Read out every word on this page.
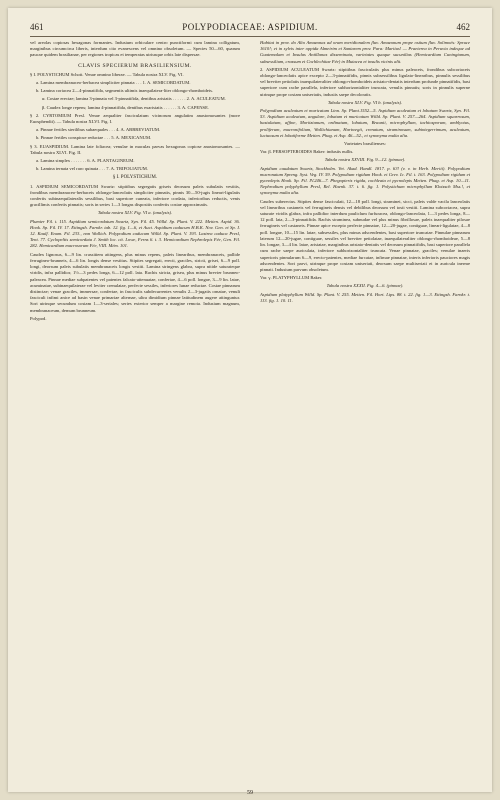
461	POLYPODIACEAE: ASPIDIUM.	462

vel areolas copiosas hexagonas formantes. Indusium orbiculare centro punctiformi cum lamina colligatum, marginibus circumcirca liberis, interdum cito evanescens vel omnino obsoletum. — Species 50—60, quarum paucae quidem brasilianae, per regiones tropicas et temperatas utriusque orbis late dispersae.

CLAVIS SPECIERUM BRASILIENSIUM.

§ I. POLYSTICHUM Schott. Venae omnino liberae. — Tabula nostra XLV. Fig. VI.

a. Lamina membranaceo-herbacea simpliciter pinnata . . . 1. A. SEMICORDATUM.

b. Lamina coriacea 2—4-pinnatifida, segmentis ultimis inaequilatera-liter oblongo-rhomboideis.

α. Costae erectae; lamina 3-pinnata vel 3-pinnatifida, dentibus aristatis . . . . . . 2. A. ACULEATUM.

β. Caudex longe repens; lamina 4-pinnatifida, dentibus exaristatis . . . . . . 3. A. CAPENSE.

§ 2. CYRTOMIUM Presl. Venae aequaliter fasciculatum vicinorum angulatim anastomosantes (more Euosphendii). — Tabula nostra XLVI. Fig. I.

a. Pinnae fertiles sterilibus subaequales . . . 4. A. ABBREVIATUM.

b. Pinnae fertiles conspicue reductae . . . 5. A. MEXICANUM.

§ 3. EUASPIDIUM. Lamina late foliacea; venulae in maculas parvas hexagonas copiose anastomosantes. — Tabula nostra XLVI. Fig. II.

a. Lamina simplex . . . . . . . 6. A. PLANTAGINEUM.

b. Lamina ternata vel raro quinata . . . 7. A. TRIFOLIATUM.

§ I. POLYSTICHUM.

1. ASPIDIUM SEMICORDATUM Swartz: stipitibus segregatis griseis deorsum paleis subulatis vestitis, frondibus membranaceo-herbaceis oblongo-lanceolatis simpliciter pinnatis, pinnis 30—50-jugis lineari-ligulatis confertis subinaequilateralis sessilibus, basi superiore cuneata, inferiore cordata, inferioribus reductis, venis gracillimis confertis pinnatis; soris in series 1—3 longas dispositis confertis costae approximatis.

Tabula nostra XLV. Fig. VI a. (analysis).

Plumier Fil. t. 115. Aspidium semicordatum Swartz, Syn. Fil. 45. Willd. Sp. Plant. V. 222. Metten. Aspid. 36. Hook. Sp. Fil. IV. 17. Ettingsh. Farnkr. tab. 12. fig. 1—6, et Auct. Aspidium caducum H.B.K. Nov. Gen. et Sp. I. 12. Kaulf. Enum. Fil. 233., non Wallich. Polypodium caducum Willd. Sp. Plant. V. 193. Lastrea caduca Presl, Tent. 77. Cyclopeltis semicordata J. Smith loc. cit. Lowe, Ferns 6. t. 3. Hemicardium Nephrolepis Fée, Gen. Fil. 282. Hemicardium macrosorum Fée, VIII. Mém. 101.

Caudex lignosus, 6—9 lin. crassitiem attingens, plus minus repens, paleis linearibus, membranaceis, pallide ferrugineo-brunneis, 4—6 lin. longis dense vestitus. Stipites segregati, erecti, graciles, stricti, grisei, 6—9 poll. longi, deorsum paleis subulatis membranaceis longis vestiti. Lamina stringens glabra, supra nitide saturateque viridis, infra pallidior, 1½—3 pedes longa, 6—12 poll. lata. Rachis stricta, grisea, plus minus brevier brunneo-paleacea. Pinnae mediae subpatentes vel patentes falcato-attenuatae, confertae, 4—6 poll. longae, 3—9 lin. latae, acuminatae, subinaequilaterae vel leviter crenulatae, perfecte sessiles, inferiores lunae reductae. Costae pinnarum distinctae; venae graciles, immersae, confertae, in fasciculis subdecurrentes venulis 2—3-jugatis ornatae, venuli fasciculi infimi anice ad basin venae primariae alternae, ultra dimidium pinnae latitudinem augere attinguntur. Sori utrinque secundum costam 1—3-seriales; series exterior semper a margine remota. Indusium magnum, membranaceum, demum brunneum.

Polypod.

Habitat in prov. do Alto Amazonas ad oram meridionalem fluv. Amazonum prope ostium fluv. Solimoës: Spruce 1610!; et in sylvis inter oppida Almeirim et Santarem prov. Para: Martius! — Praeterea in Peruvia indeque ad Guatemalam et Insulas Antillanas disseminata, varietates quaque sucunilias (Hemicardium Cuningianum, subsessilium, crassum et Cochlechitae Fée) in Mutacea et insulis vicinis alit.

2. ASPIDIUM ACULEATUM Swartz: stipitibus fasciculatis plus minus paleaceis, frondibus subcoriaceis oblongo-lanceolatis apice excepto 2—3-pinnatifidis, pinnis subsessilibus ligulato-linearibus, pinnulis sessilibus vel breviter petiolatis inaequilateraliter oblongo-rhomboideis aristato-dentatis interdum profunde pinnatifidis, basi superiore cum rache parallela, inferiore subhorizontaliter truncata, venulis pinnatis; soris in pinnulis superne utrinque prope costam uniseriatis, indusiis saepe decoloratis.

Tabula nostra XLV. Fig. VI b. (analysis).

Polypodium aculeatum et muricatum Linn. Sp. Plant.1552—5. Aspidium aculeatum et lobatum Swartz, Syn. Fil. 53. Aspidium aculeatum, angulare, lobatum et muricatum Willd. Sp. Plant. V. 257—264. Aspidium squarrosum, hastulatum, affine, Moritzianum, ordinatum, lobatum, Braunii, microphyllum, tachiosporum, amblyotus, proliferum, mucronifolium, Wallichianum, Hartwegii, crenatum, straminosum, subintegerrimum, aculeatum, luctuosum et lobatiforme Metten. Phag. et Asp. 46—52., et synonyma multa alia.

Varietates brasilienses:

Var. β. PERSOPTEROIDES Baker: indusiis nullis.

Tabula nostra XXVIII. Fig. 9—12. (pinnae).

Aspidium caudatum Swartz, Stockholm. Vet. Akad. Handl. 1817. p. 63! (v. v. in Herb. Mertii). Polypodium mucronatum Spreng. Syst. Veg. IV. 59. Polypodium rigidum Hook. et Grev. Ic. Fil. t. 163. Polypodium rigidum et pycnolepis Hook. Sp. Fil. IV.246—7. Phegopteris rigida, cochleata et pycnolepis Metten. Phag. et Asp. 10—11. Nephrodium polyphyllum Presl, Rel. Haenk. 37. t. 6. fig. 1. Polystichum microphyllum Klotzsch Mss.!, et synonyma multa alia.

Caudex suberectus. Stipites dense fasciculati, 12—18 poll. longi, straminei, sicci, paleis valde vacila lanceolatis vel linearibus castaneis vel ferrugineis densis vel debilibus deorsum vel tosti vestiti. Lamina subcoriacea, supra saturate viridis glabra, infra pallidior interdum pauliclum furfuracea, oblongo-lanceolata, 1—3 pedes longa, 8—12 poll. lata, 2—3-pinnatifida. Rachis straminea, subnudae vel plus minus fibrillosae, paleis inaequaliter pilosae ferrugineis vel castaneis. Pinnae apice excepto perfecte pinnatae, 12—20-jugae, contiguae, lineari-ligulatae, 4—8 poll. longae, 10—15 lin. latae, subsessiles, plus minus adscendentes, basi superiore truncatae. Pinnulae pinnarum laterum 12—20-jugae, contiguae, sessiles vel breviter petiolatae, inaequilateraliter oblongo-rhomboideae, 5—8 lin. longae, 3—4 lin. latae, aristatae, marginibus aristato-dentatis vel deorsum pinnatifidis, basi superiore parallela cum rache saepe auriculata, inferiore subhorizontaliter truncata. Venae pinnatae, graciles; venulae inaeris superioris pinnularum 6—9, erecto-patentes, mediae furcatae, infimae pinnatae, interis inferioris pauciores magis adscendentes. Sori parvi, utrinque prope costam uniseriati, deorsum saepe multiseriati et in auricula inerme pinnati. Indusium parvum obsoletum.

Var. γ. PLATYPHYLLUM Baker.

Tabula nostra XXXII. Fig. 4—6. (pinnae).

Aspidium platyphyllum Willd. Sp. Plant. V. 255. Metten. Fil. Hort. Lips. 88. t. 22. fig. 1—3. Ettingsh. Farnkr. t. 113. fig. 1. 10. 11.

59
